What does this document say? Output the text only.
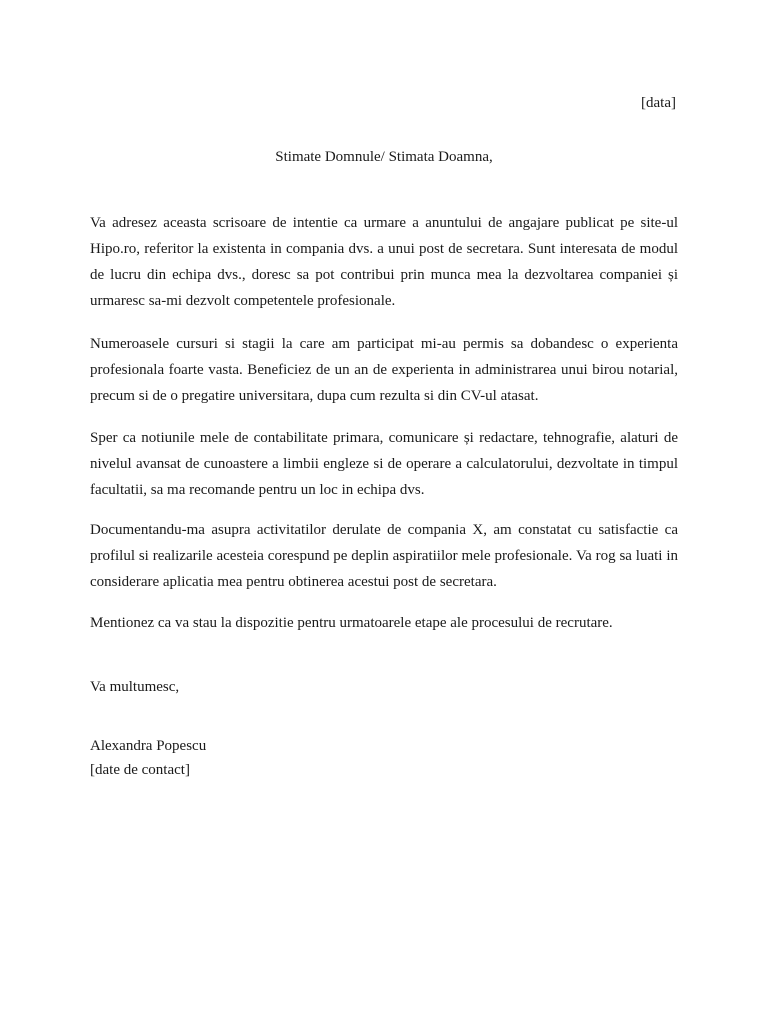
[data]
Stimate Domnule/ Stimata Doamna,

Va adresez aceasta scrisoare de intentie ca urmare a anuntului de angajare publicat pe site-ul Hipo.ro, referitor la existenta in compania dvs. a unui post de secretara. Sunt interesata de modul de lucru din echipa dvs., doresc sa pot contribui prin munca mea la dezvoltarea companiei și urmaresc sa-mi dezvolt competentele profesionale.

Numeroasele cursuri si stagii la care am participat mi-au permis sa dobandesc o experienta profesionala foarte vasta. Beneficiez de un an de experienta in administrarea unui birou notarial, precum si de o pregatire universitara, dupa cum rezulta si din CV-ul atasat.

Sper ca notiunile mele de contabilitate primara, comunicare și redactare, tehnografie, alaturi de nivelul avansat de cunoastere a limbii engleze si de operare a calculatorului, dezvoltate in timpul facultatii, sa ma recomande pentru un loc in echipa dvs.

Documentandu-ma asupra activitatilor derulate de compania X, am constatat cu satisfactie ca profilul si realizarile acesteia corespund pe deplin aspiratiilor mele profesionale. Va rog sa luati in considerare aplicatia mea pentru obtinerea acestui post de secretara.

Mentionez ca va stau la dispozitie pentru urmatoarele etape ale procesului de recrutare.

Va multumesc,
Alexandra Popescu
[date de contact]
